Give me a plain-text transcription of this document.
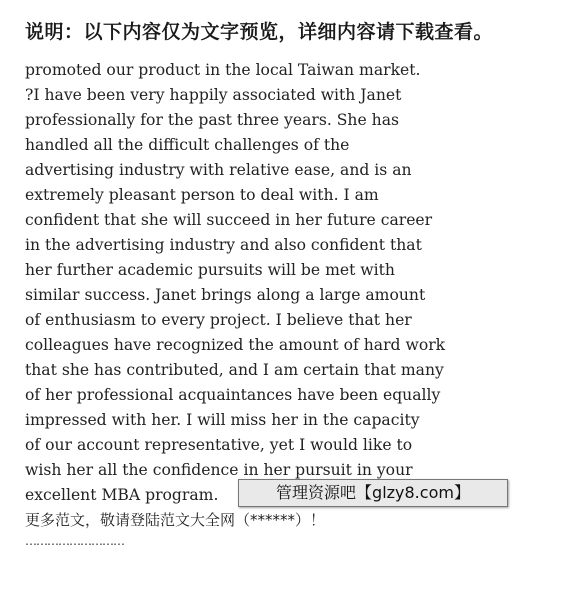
说明：以下内容仅为文字预览，详细内容请下载查看。
promoted our product in the local Taiwan market.
?I have been very happily associated with Janet
professionally for the past three years. She has
handled all the difficult challenges of the
advertising industry with relative ease, and is an
extremely pleasant person to deal with. I am
confident that she will succeed in her future career
in the advertising industry and also confident that
her further academic pursuits will be met with
similar success. Janet brings along a large amount
of enthusiasm to every project. I believe that her
colleagues have recognized the amount of hard work
that she has contributed, and I am certain that many
of her professional acquaintances have been equally
impressed with her. I will miss her in the capacity
of our account representative, yet I would like to
wish her all the confidence in her pursuit in your
excellent MBA program.
更多范文，敬请登陆范文大全网（******）！
………………………
管理资源吧【glzy8.com】
